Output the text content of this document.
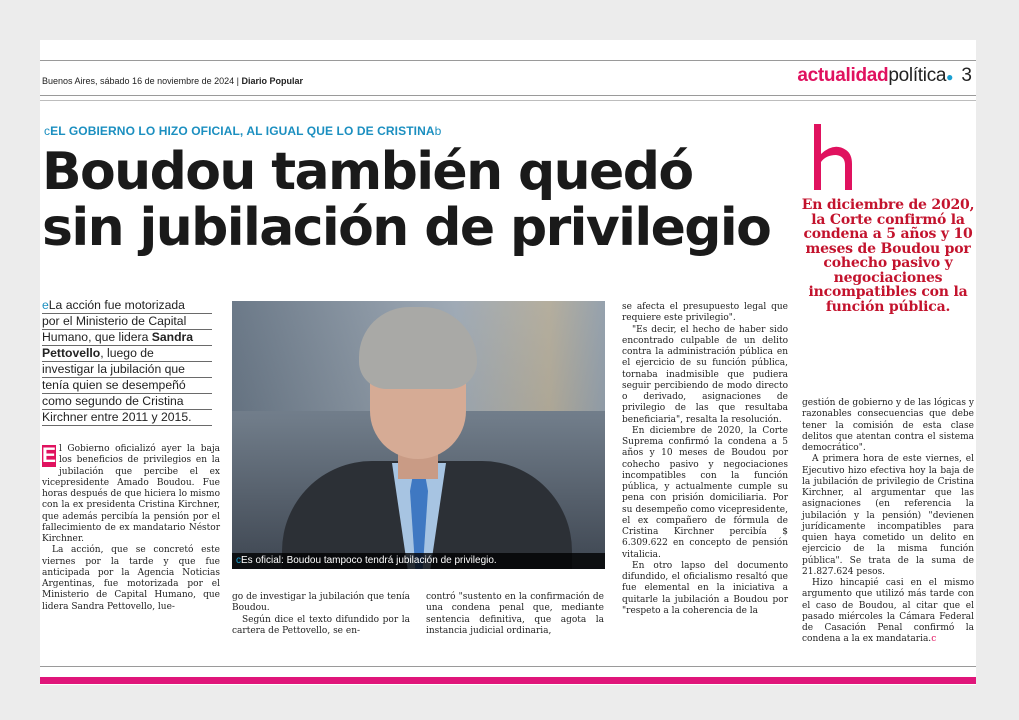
Buenos Aires, sábado 16 de noviembre de 2024 | Diario Popular	actualidadpolítica● 3
cEL GOBIERNO LO HIZO OFICIAL, AL IGUAL QUE LO DE CRISTINAb
Boudou también quedó
sin jubilación de privilegio
eLa acción fue motorizada
por el Ministerio de Capital
Humano, que lidera Sandra
Pettovello, luego de
investigar la jubilación que
tenía quien se desempeñó
como segundo de Cristina
Kirchner entre 2011 y 2015.
cEs oficial: Boudou tampoco tendrá jubilación de privilegio.

E l Gobierno oficializó ayer la baja los beneficios de privilegios en la jubilación que percibe el ex vicepresidente Amado Boudou. Fue horas después de que hiciera lo mismo con la ex presidenta Cristina Kirchner, que además percibía la pensión por el fallecimiento de ex mandatario Néstor Kirchner.

La acción, que se concretó este viernes por la tarde y que fue anticipada por la Agencia Noticias Argentinas, fue motorizada por el Ministerio de Capital Humano, que lidera Sandra Pettovello, lue-

go de investigar la jubilación que tenía Boudou.

Según dice el texto difundido por la cartera de Pettovello, se en-

contró "sustento en la confirmación de una condena penal que, mediante sentencia definitiva, que agota la instancia judicial ordinaria,

se afecta el presupuesto legal que requiere este privilegio".

"Es decir, el hecho de haber sido encontrado culpable de un delito contra la administración pública en el ejercicio de su función pública, tornaba inadmisible que pudiera seguir percibiendo de modo directo o derivado, asignaciones de privilegio de las que resultaba beneficiaria", resalta la resolución.

En diciembre de 2020, la Corte Suprema confirmó la condena a 5 años y 10 meses de Boudou por cohecho pasivo y negociaciones incompatibles con la función pública, y actualmente cumple su pena con prisión domiciliaria. Por su desempeño como vicepresidente, el ex compañero de fórmula de Cristina Kirchner percibía $ 6.309.622 en concepto de pensión vitalicia.

En otro lapso del documento difundido, el oficialismo resaltó que fue elemental en la iniciativa a quitarle la jubilación a Boudou por "respeto a la coherencia de la

En diciembre de 2020, la Corte confirmó la condena a 5 años y 10 meses de Boudou por cohecho pasivo y negociaciones incompatibles con la función pública.

gestión de gobierno y de las lógicas y razonables consecuencias que debe tener la comisión de esta clase delitos que atentan contra el sistema democrático".

A primera hora de este viernes, el Ejecutivo hizo efectiva hoy la baja de la jubilación de privilegio de Cristina Kirchner, al argumentar que las asignaciones (en referencia la jubilación y la pensión) "devienen jurídicamente incompatibles para quien haya cometido un delito en ejercicio de la misma función pública". Se trata de la suma de 21.827.624 pesos.

Hizo hincapié casi en el mismo argumento que utilizó más tarde con el caso de Boudou, al citar que el pasado miércoles la Cámara Federal de Casación Penal confirmó la condena a la ex mandataria.c
